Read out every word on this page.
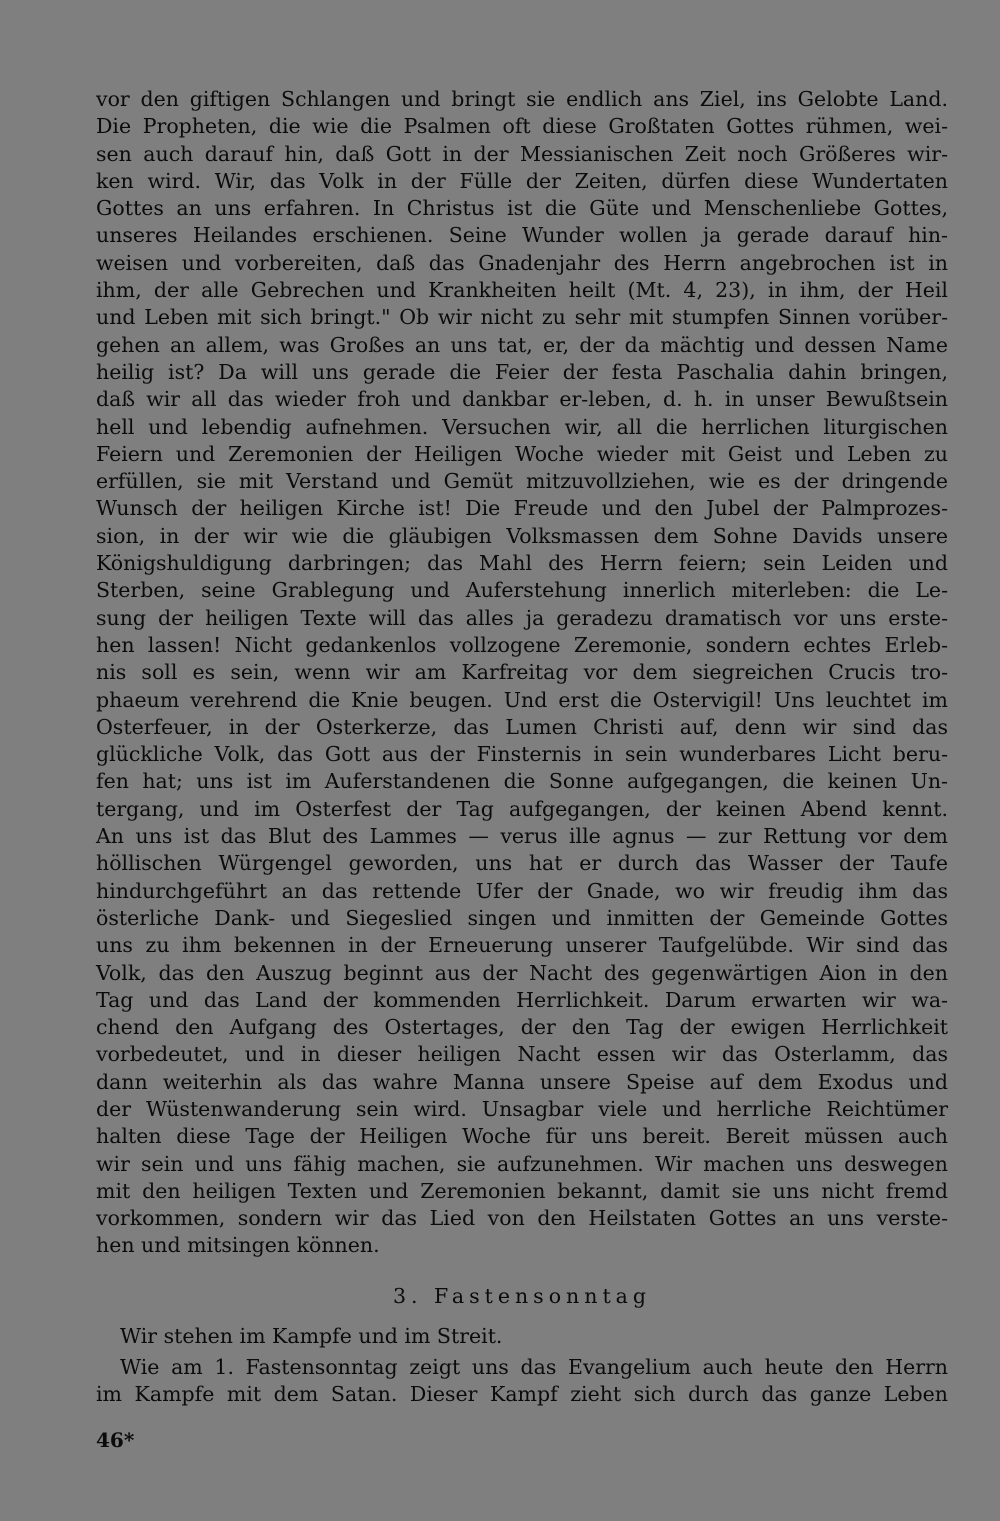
vor den giftigen Schlangen und bringt sie endlich ans Ziel, ins Gelobte Land.
Die Propheten, die wie die Psalmen oft diese Großtaten Gottes rühmen, wei-
sen auch darauf hin, daß Gott in der Messianischen Zeit noch Größeres wir-
ken wird. Wir, das Volk in der Fülle der Zeiten, dürfen diese Wundertaten
Gottes an uns erfahren. In Christus ist die Güte und Menschenliebe Gottes,
unseres Heilandes erschienen. Seine Wunder wollen ja gerade darauf hin-
weisen und vorbereiten, daß das Gnadenjahr des Herrn angebrochen ist in
ihm, der alle Gebrechen und Krankheiten heilt (Mt. 4, 23), in ihm, der Heil
und Leben mit sich bringt." Ob wir nicht zu sehr mit stumpfen Sinnen vorüber-
gehen an allem, was Großes an uns tat, er, der da mächtig und dessen Name
heilig ist? Da will uns gerade die Feier der festa Paschalia dahin bringen,
daß wir all das wieder froh und dankbar er-leben, d. h. in unser Bewußtsein
hell und lebendig aufnehmen. Versuchen wir, all die herrlichen liturgischen
Feiern und Zeremonien der Heiligen Woche wieder mit Geist und Leben zu
erfüllen, sie mit Verstand und Gemüt mitzuvollziehen, wie es der dringende
Wunsch der heiligen Kirche ist! Die Freude und den Jubel der Palmprozes-
sion, in der wir wie die gläubigen Volksmassen dem Sohne Davids unsere
Königshuldigung darbringen; das Mahl des Herrn feiern; sein Leiden und
Sterben, seine Grablegung und Auferstehung innerlich miterleben: die Le-
sung der heiligen Texte will das alles ja geradezu dramatisch vor uns erste-
hen lassen! Nicht gedankenlos vollzogene Zeremonie, sondern echtes Erleb-
nis soll es sein, wenn wir am Karfreitag vor dem siegreichen Crucis tro-
phaeum verehrend die Knie beugen. Und erst die Ostervigil! Uns leuchtet im
Osterfeuer, in der Osterkerze, das Lumen Christi auf, denn wir sind das
glückliche Volk, das Gott aus der Finsternis in sein wunderbares Licht beru-
fen hat; uns ist im Auferstandenen die Sonne aufgegangen, die keinen Un-
tergang, und im Osterfest der Tag aufgegangen, der keinen Abend kennt.
An uns ist das Blut des Lammes — verus ille agnus — zur Rettung vor dem
höllischen Würgengel geworden, uns hat er durch das Wasser der Taufe
hindurchgeführt an das rettende Ufer der Gnade, wo wir freudig ihm das
österliche Dank- und Siegeslied singen und inmitten der Gemeinde Gottes
uns zu ihm bekennen in der Erneuerung unserer Taufgelübde. Wir sind das
Volk, das den Auszug beginnt aus der Nacht des gegenwärtigen Aion in den
Tag und das Land der kommenden Herrlichkeit. Darum erwarten wir wa-
chend den Aufgang des Ostertages, der den Tag der ewigen Herrlichkeit
vorbedeutet, und in dieser heiligen Nacht essen wir das Osterlamm, das
dann weiterhin als das wahre Manna unsere Speise auf dem Exodus und
der Wüstenwanderung sein wird. Unsagbar viele und herrliche Reichtümer
halten diese Tage der Heiligen Woche für uns bereit. Bereit müssen auch
wir sein und uns fähig machen, sie aufzunehmen. Wir machen uns deswegen
mit den heiligen Texten und Zeremonien bekannt, damit sie uns nicht fremd
vorkommen, sondern wir das Lied von den Heilstaten Gottes an uns verste-
hen und mitsingen können.
3. Fastensonntag
Wir stehen im Kampfe und im Streit.
Wie am 1. Fastensonntag zeigt uns das Evangelium auch heute den Herrn
im Kampfe mit dem Satan. Dieser Kampf zieht sich durch das ganze Leben
46*
